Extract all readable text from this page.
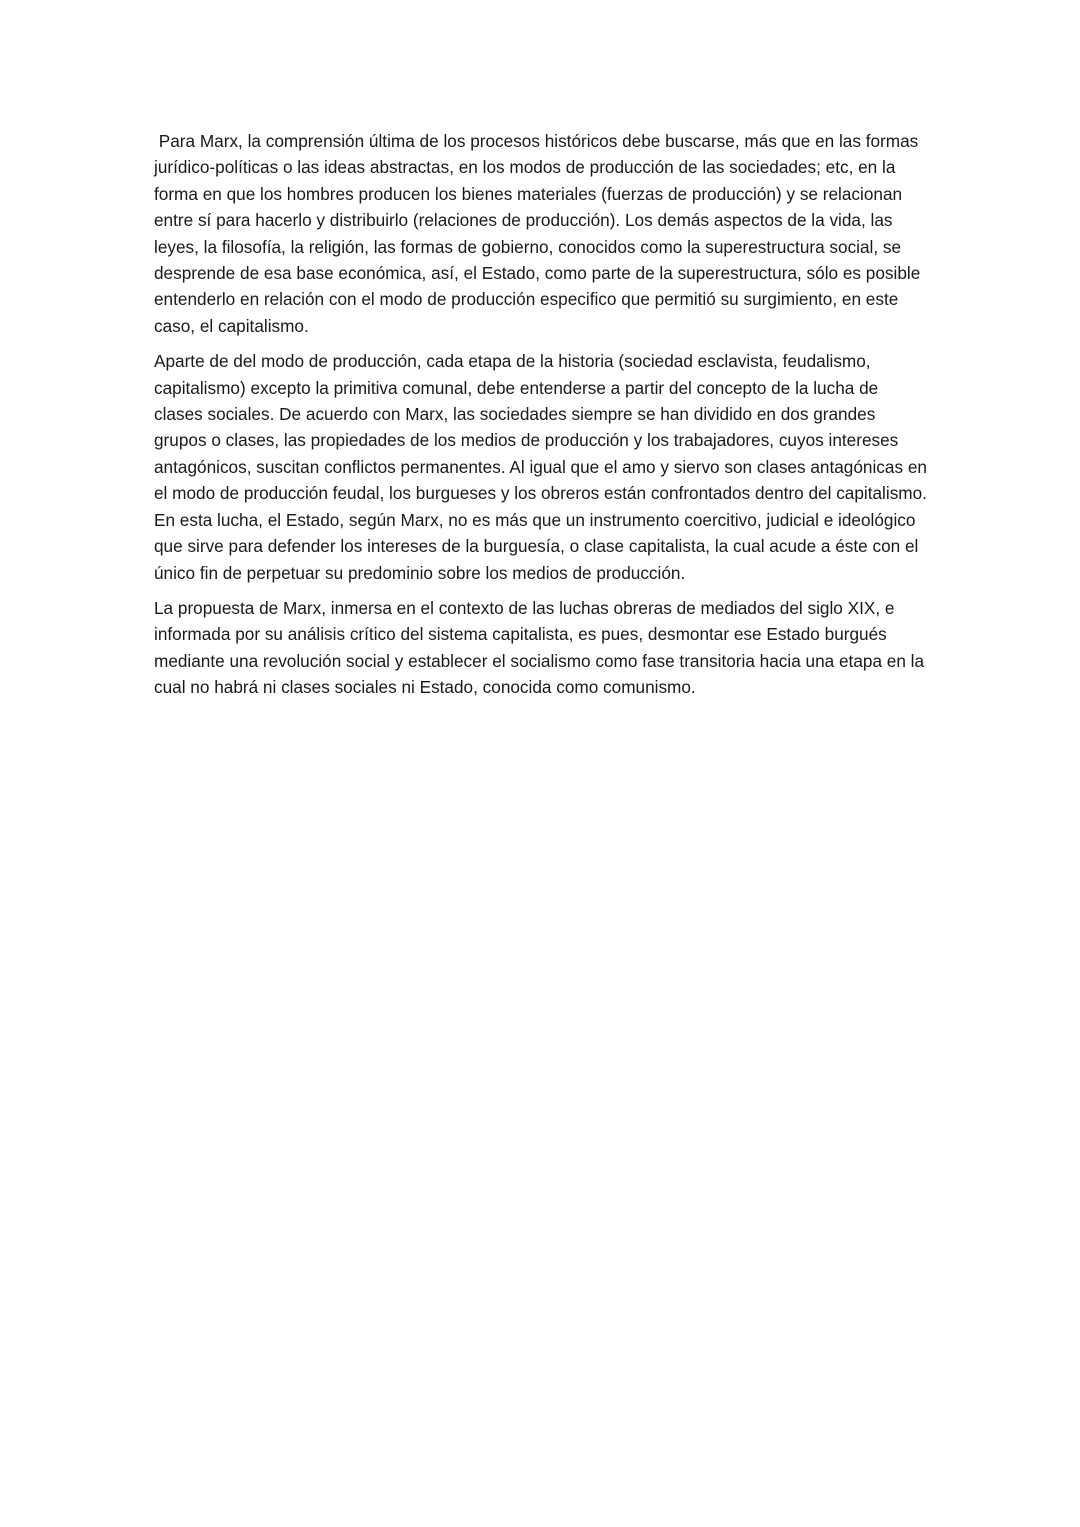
Para Marx, la comprensión última de los procesos históricos debe buscarse, más que en las formas jurídico-políticas o las ideas abstractas, en los modos de producción de las sociedades; etc, en la forma en que los hombres producen los bienes materiales (fuerzas de producción) y se relacionan entre sí para hacerlo y distribuirlo (relaciones de producción). Los demás aspectos de la vida, las leyes, la filosofía, la religión, las formas de gobierno, conocidos como la superestructura social, se desprende de esa base económica, así, el Estado, como parte de la superestructura, sólo es posible entenderlo en relación con el modo de producción especifico que permitió su surgimiento, en este caso, el capitalismo.

Aparte de del modo de producción, cada etapa de la historia (sociedad esclavista, feudalismo, capitalismo) excepto la primitiva comunal, debe entenderse a partir del concepto de la lucha de clases sociales. De acuerdo con Marx, las sociedades siempre se han dividido en dos grandes grupos o clases, las propiedades de los medios de producción y los trabajadores, cuyos intereses antagónicos, suscitan conflictos permanentes. Al igual que el amo y siervo son clases antagónicas en el modo de producción feudal, los burgueses y los obreros están confrontados dentro del capitalismo. En esta lucha, el Estado, según Marx, no es más que un instrumento coercitivo, judicial e ideológico que sirve para defender los intereses de la burguesía, o clase capitalista, la cual acude a éste con el único fin de perpetuar su predominio sobre los medios de producción.

La propuesta de Marx, inmersa en el contexto de las luchas obreras de mediados del siglo XIX, e informada por su análisis crítico del sistema capitalista, es pues, desmontar ese Estado burgués  mediante una revolución social y establecer el socialismo como fase transitoria hacia una etapa en la cual no habrá ni clases sociales ni Estado, conocida como comunismo.
